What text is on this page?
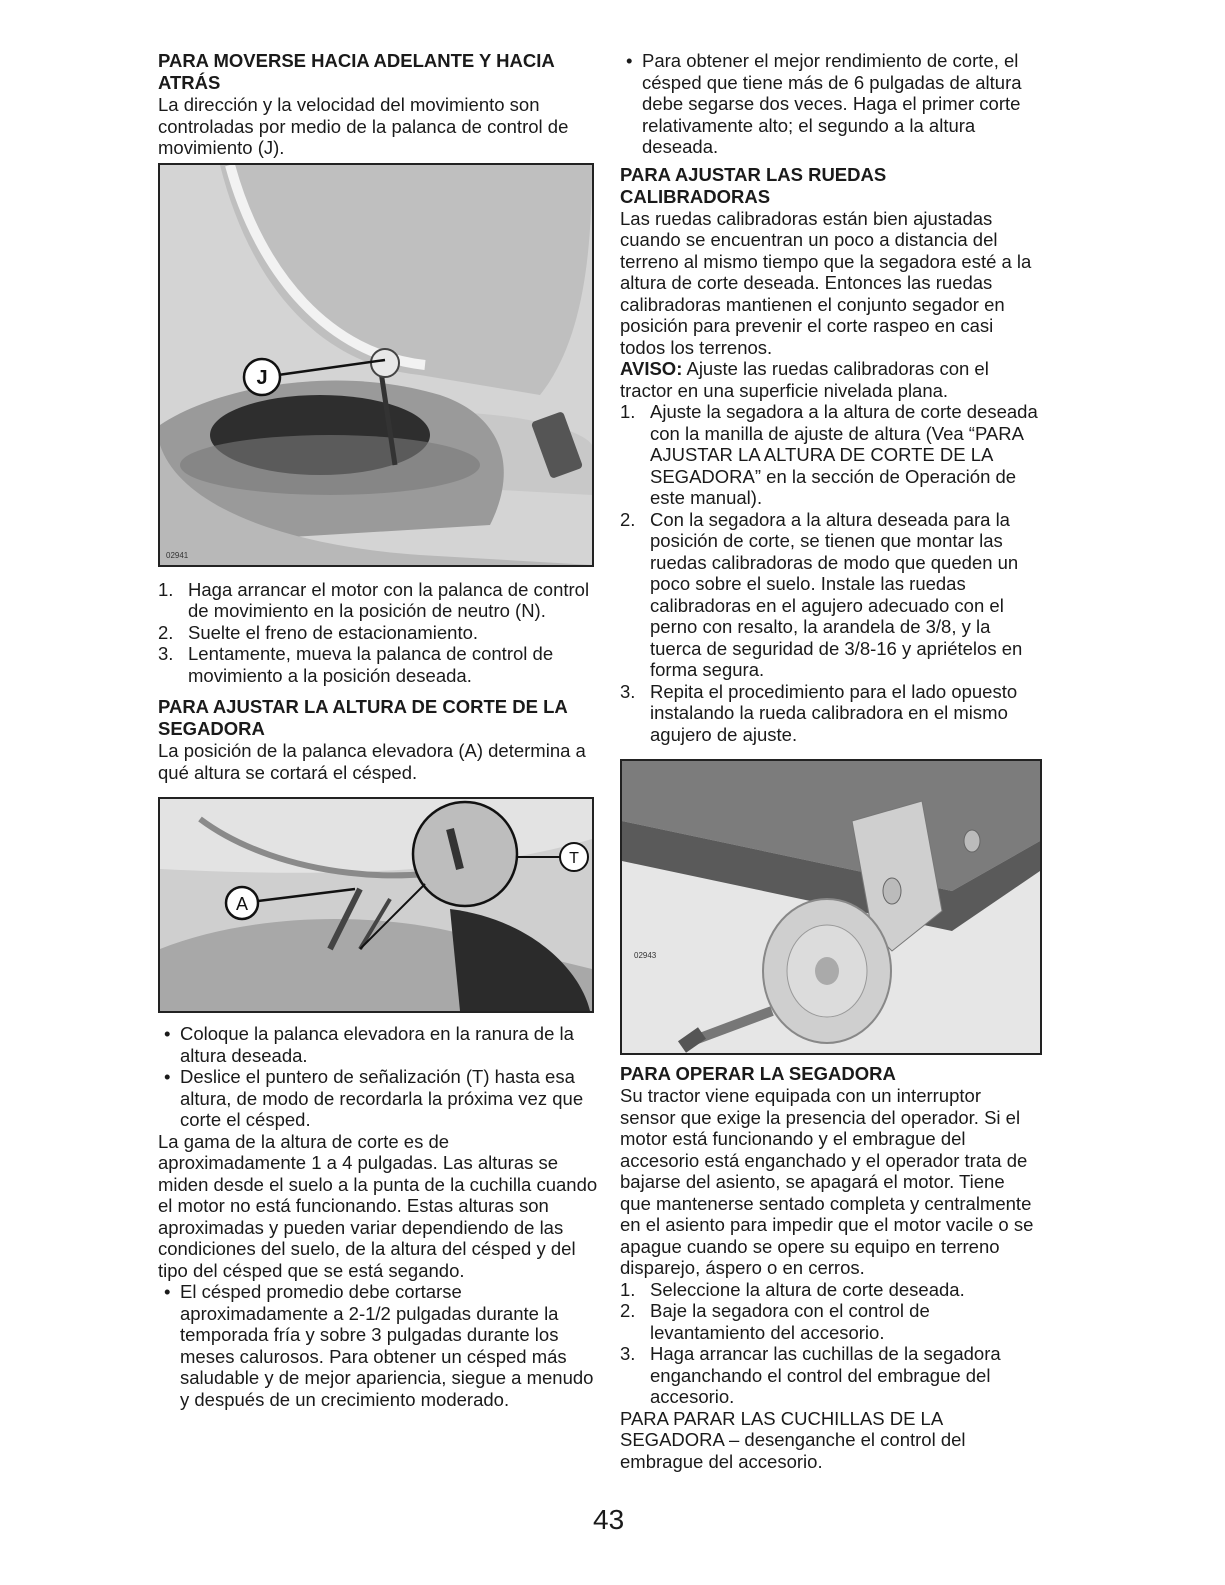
PARA MOVERSE HACIA ADELANTE Y HACIA ATRÁS

La dirección y la velocidad del movimiento son controladas por medio de la palanca de control de movimiento (J).

J
02941
1. Haga arrancar el motor con la palanca de control de movimiento en la posición de neutro (N).
2. Suelte el freno de estacionamiento.
3. Lentamente, mueva la palanca de control de movimiento a la posición deseada.

PARA AJUSTAR LA ALTURA DE CORTE DE LA SEGADORA

La posición de la palanca elevadora (A) determina a qué altura se cortará el césped.

T
A
• Coloque la palanca elevadora en la ranura de la altura deseada.
• Deslice el puntero de señalización (T) hasta esa altura, de modo de recordarla la próxima vez que corte el césped.

La gama de la altura de corte es de aproximadamente 1 a 4 pulgadas. Las alturas se miden desde el suelo a la punta de la cuchilla cuando el motor no está funcionando. Estas alturas son aproximadas y pueden variar dependiendo de las condiciones del suelo, de la altura del césped y del tipo del césped que se está segando.

• El césped promedio debe cortarse aproximadamente a 2-1/2 pulgadas durante la temporada fría y sobre 3 pulgadas durante los meses calurosos. Para obtener un césped más saludable y de mejor apariencia, siegue a menudo y después de un crecimiento moderado.
• Para obtener el mejor rendimiento de corte, el césped que tiene más de 6 pulgadas de altura debe segarse dos veces. Haga el primer corte relativamente alto; el segundo a la altura deseada.

PARA AJUSTAR LAS RUEDAS CALIBRADORAS

Las ruedas calibradoras están bien ajustadas cuando se encuentran un poco a distancia del terreno al mismo tiempo que la segadora esté a la altura de corte deseada. Entonces las ruedas calibradoras mantienen el conjunto segador en posición para prevenir el corte raspeo en casi todos los terrenos.

AVISO: Ajuste las ruedas calibradoras con el tractor en una superficie nivelada plana.

1. Ajuste la segadora a la altura de corte deseada con la manilla de ajuste de altura (Vea “PARA AJUSTAR LA ALTURA DE CORTE DE LA SEGADORA” en la sección de Operación de este manual).
2. Con la segadora a la altura deseada para la posición de corte, se tienen que montar las ruedas calibradoras de modo que queden un poco sobre el suelo. Instale las ruedas calibradoras en el agujero adecuado con el perno con resalto, la arandela de 3/8, y la tuerca de seguridad de 3/8-16 y apriételos en forma segura.
3. Repita el procedimiento para el lado opuesto instalando la rueda calibradora en el mismo agujero de ajuste.
02943

PARA OPERAR LA SEGADORA

Su tractor viene equipada con un interruptor sensor que exige la presencia del operador. Si el motor está funcionando y el embrague del accesorio está enganchado y el operador trata de bajarse del asiento, se apagará el motor. Tiene que mantenerse sentado completa y centralmente en el asiento para impedir que el motor vacile o se apague cuando se opere su equipo en terreno disparejo, áspero o en cerros.

1. Seleccione la altura de corte deseada.
2. Baje la segadora con el control de levantamiento del accesorio.
3. Haga arrancar las cuchillas de la segadora enganchando el control del embrague del accesorio.

PARA PARAR LAS CUCHILLAS DE LA SEGADORA – desenganche el control del embrague del accesorio.

43
